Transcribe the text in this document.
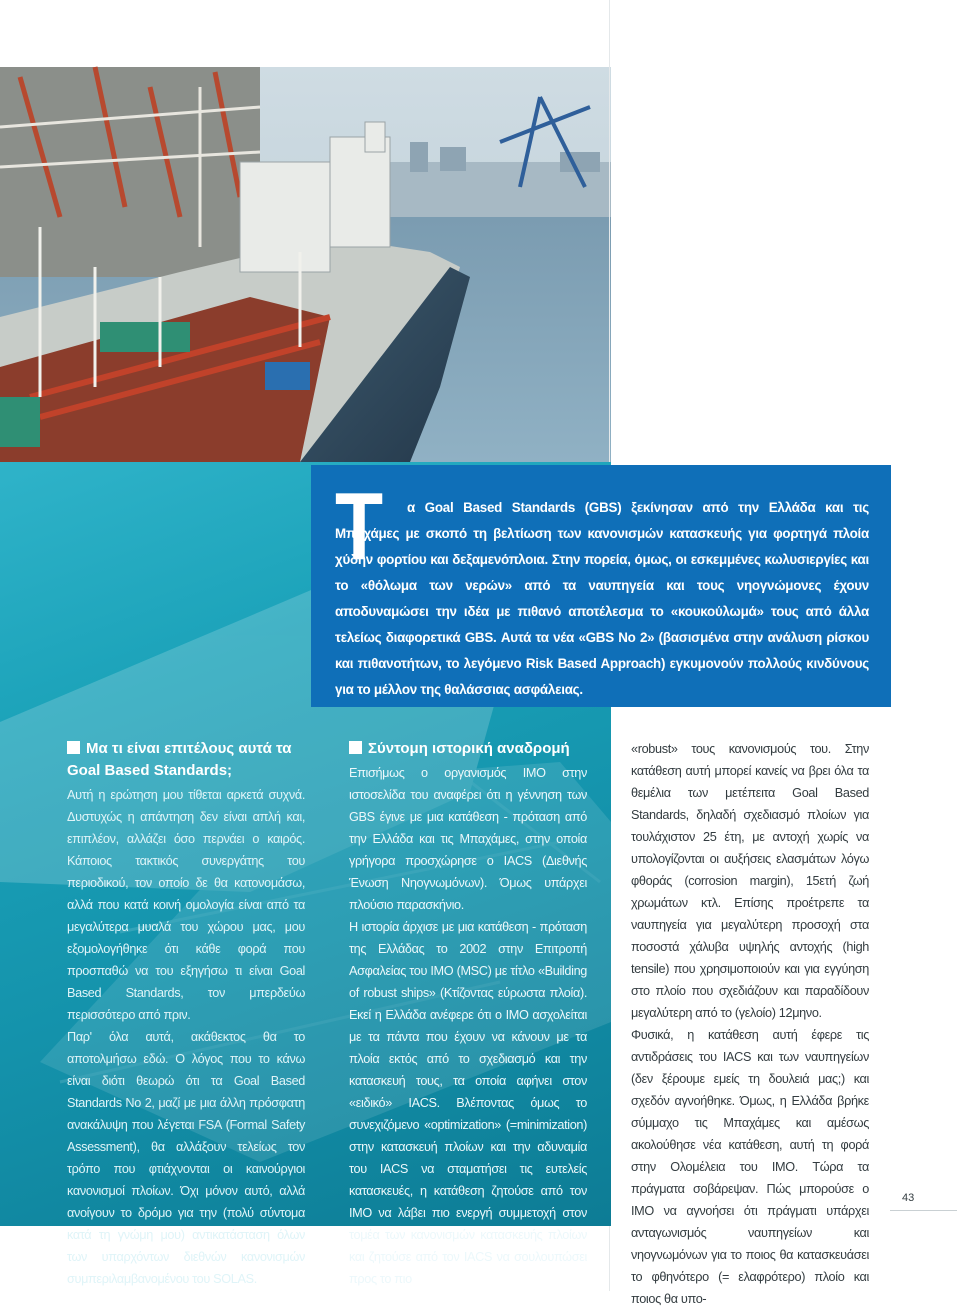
Τ	α Goal Based Standards (GBS) ξεκίνησαν από την Ελλάδα και τις Μπαχάμες με σκοπό τη βελτίωση των κανονισμών κατασκευής για φορτηγά πλοία χύδην φορτίου και δεξαμενόπλοια. Στην πορεία, όμως, οι εσκεμμένες κωλυσιεργίες και το «θόλωμα των νερών» από τα ναυπηγεία και τους νηογνώμονες έχουν αποδυναμώσει την ιδέα με πιθανό αποτέλεσμα το «κουκούλωμά» τους από άλλα τελείως διαφορετικά GBS. Αυτά τα νέα «GBS No 2» (βασισμένα στην ανάλυση ρίσκου και πιθανοτήτων, το λεγόμενο Risk Based Approach) εγκυμονούν πολλούς κινδύνους για το μέλλον της θαλάσσιας ασφάλειας.

Μα τι είναι επιτέλους αυτά τα Goal Based Standards;

Αυτή η ερώτηση μου τίθεται αρκετά συχνά. Δυστυχώς η απάντηση δεν είναι απλή και, επιπλέον, αλλάζει όσο περνάει ο καιρός. Κάποιος τακτικός συνεργάτης του περιοδικού, τον οποίο δε θα κατονομάσω, αλλά που κατά κοινή ομολογία είναι από τα μεγαλύτερα μυαλά του χώρου μας, μου εξομολογήθηκε ότι κάθε φορά που προσπαθώ να του εξηγήσω τι είναι Goal Based Standards, τον μπερδεύω περισσότερο από πριν.

Παρ' όλα αυτά, ακάθεκτος θα το αποτολμήσω εδώ. Ο λόγος που το κάνω είναι διότι θεωρώ ότι τα Goal Based Standards No 2, μαζί με μια άλλη πρόσφατη ανακάλυψη που λέγεται FSA (Formal Safety Assessment), θα αλλάξουν τελείως τον τρόπο που φτιάχνονται οι καινούργιοι κανονισμοί πλοίων. Όχι μόνον αυτό, αλλά ανοίγουν το δρόμο για την (πολύ σύντομα κατά τη γνώμη μου) αντικατάσταση όλων των υπαρχόντων διεθνών κανονισμών συμπεριλαμβανομένου του SOLAS.

Σύντομη ιστορική αναδρομή

Επισήμως ο οργανισμός IMO στην ιστοσελίδα του αναφέρει ότι η γέννηση των GBS έγινε με μια κατάθεση - πρόταση από την Ελλάδα και τις Μπαχάμες, στην οποία γρήγορα προσχώρησε ο IACS (Διεθνής Ένωση Νηογνωμόνων). Όμως υπάρχει πλούσιο παρασκήνιο.

Η ιστορία άρχισε με μια κατάθεση - πρόταση της Ελλάδας το 2002 στην Επιτροπή Ασφαλείας του IMO (MSC) με τίτλο «Building of robust ships» (Κτίζοντας εύρωστα πλοία). Εκεί η Ελλάδα ανέφερε ότι ο IMO ασχολείται με τα πάντα που έχουν να κάνουν με τα πλοία εκτός από το σχεδιασμό και την κατασκευή τους, τα οποία αφήνει στον «ειδικό» IACS. Βλέποντας όμως το συνεχιζόμενο «optimization» (=minimization) στην κατασκευή πλοίων και την αδυναμία του IACS να σταματήσει τις ευτελείς κατασκευές, η κατάθεση ζητούσε από τον IMO να λάβει πιο ενεργή συμμετοχή στον τομέα των κανονισμών κατασκευής πλοίων και ζητούσε από τον IACS να σουλουπώσει προς το πιο

«robust» τους κανονισμούς του. Στην κατάθεση αυτή μπορεί κανείς να βρει όλα τα θεμέλια των μετέπειτα Goal Based Standards, δηλαδή σχεδιασμό πλοίων για τουλάχιστον 25 έτη, με αντοχή χωρίς να υπολογίζονται οι αυξήσεις ελασμάτων λόγω φθοράς (corrosion margin), 15ετή ζωή χρωμάτων κτλ. Επίσης προέτρεπε τα ναυπηγεία για μεγαλύτερη προσοχή στα ποσοστά χάλυβα υψηλής αντοχής (high tensile) που χρησιμοποιούν και για εγγύηση στο πλοίο που σχεδιάζουν και παραδίδουν μεγαλύτερη από το (γελοίο) 12μηνο.

Φυσικά, η κατάθεση αυτή έφερε τις αντιδράσεις του IACS και των ναυπηγείων (δεν ξέρουμε εμείς τη δουλειά μας;) και σχεδόν αγνοήθηκε. Όμως, η Ελλάδα βρήκε σύμμαχο τις Μπαχάμες και αμέσως ακολούθησε νέα κατάθεση, αυτή τη φορά στην Ολομέλεια του IMO. Τώρα τα πράγματα σοβάρεψαν. Πώς μπορούσε ο IMO να αγνοήσει ότι πράγματι υπάρχει ανταγωνισμός ναυπηγείων και νηογνωμόνων για το ποιος θα κατασκευάσει το φθηνότερο (= ελαφρότερο) πλοίο και ποιος θα υπο-

43
